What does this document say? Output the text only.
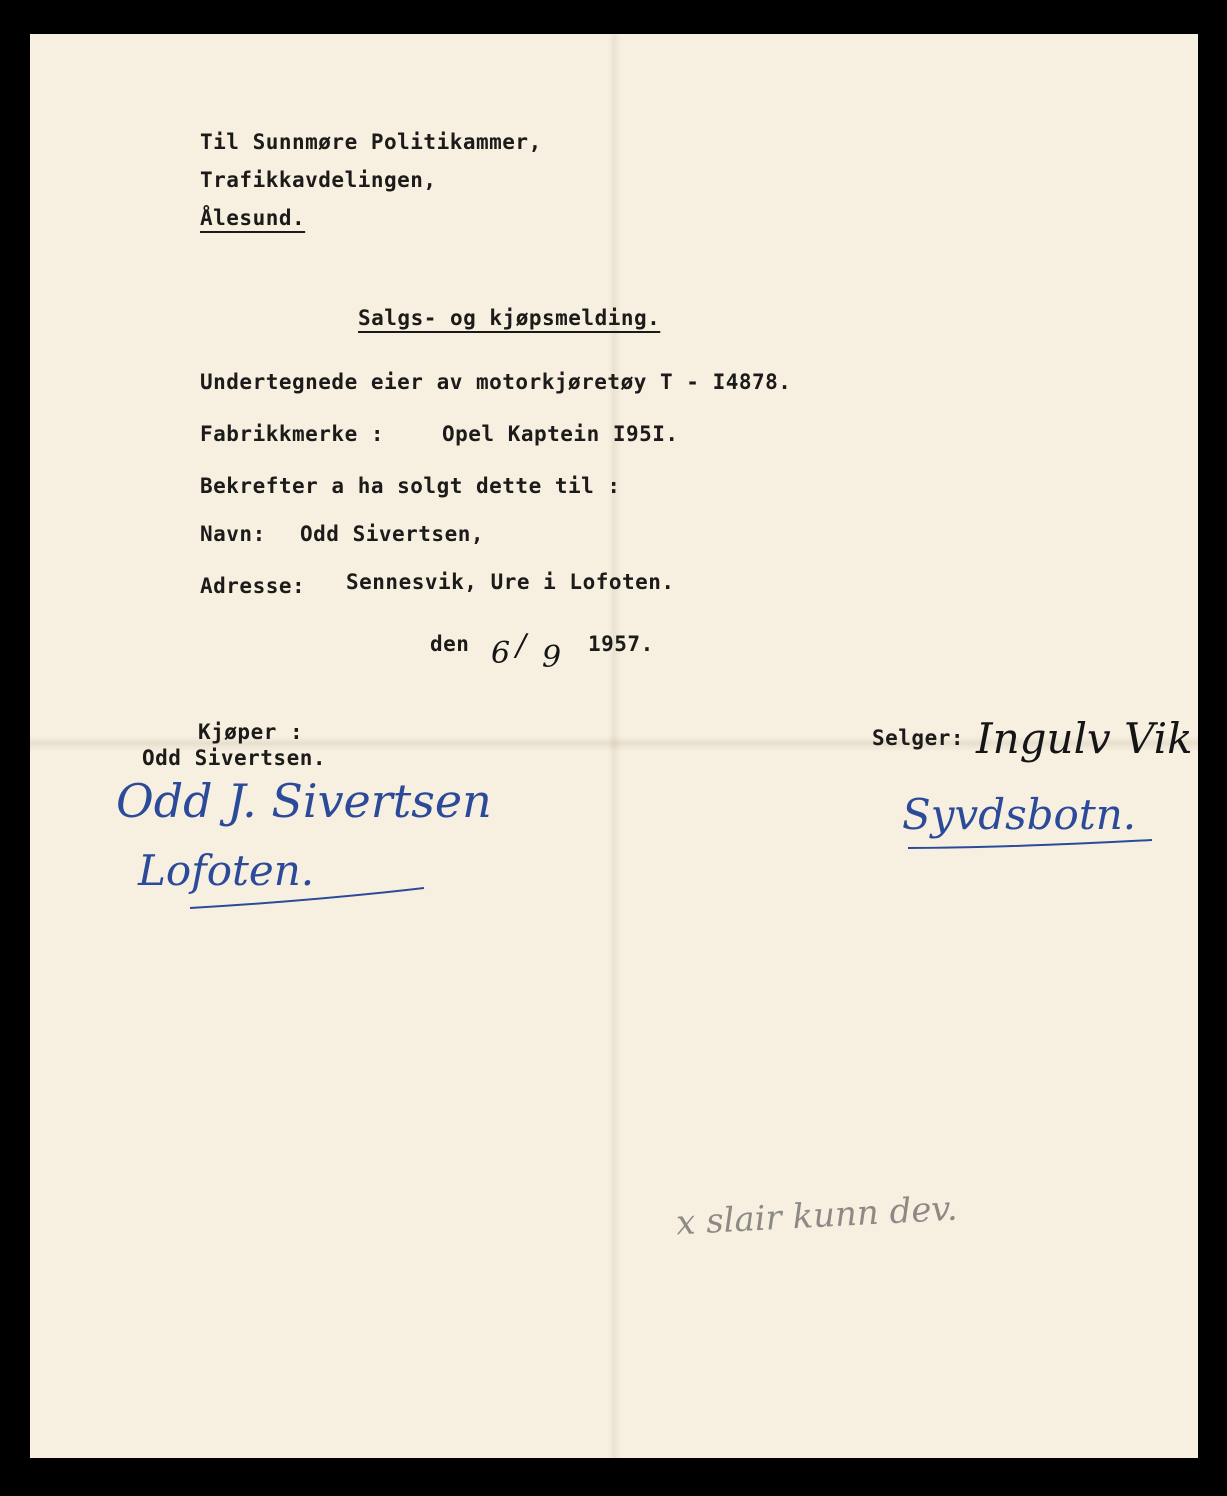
Til Sunnmøre Politikammer,
Trafikkavdelingen,
Ålesund.
Salgs- og kjøpsmelding.
Undertegnede eier av motorkjøretøy T - I4878.
Fabrikkmerke :	Opel Kaptein I95I.
Bekrefter a ha solgt dette til :
Navn: Odd Sivertsen,
Adresse: Sennesvik, Ure i Lofoten.
den 6 / 9 1957.
Kjøper :
Odd Sivertsen.
Odd J. Sivertsen
Lofoten.
Selger: Ingulv Vik
Syvdsbotn.
x slair kunn dev.
